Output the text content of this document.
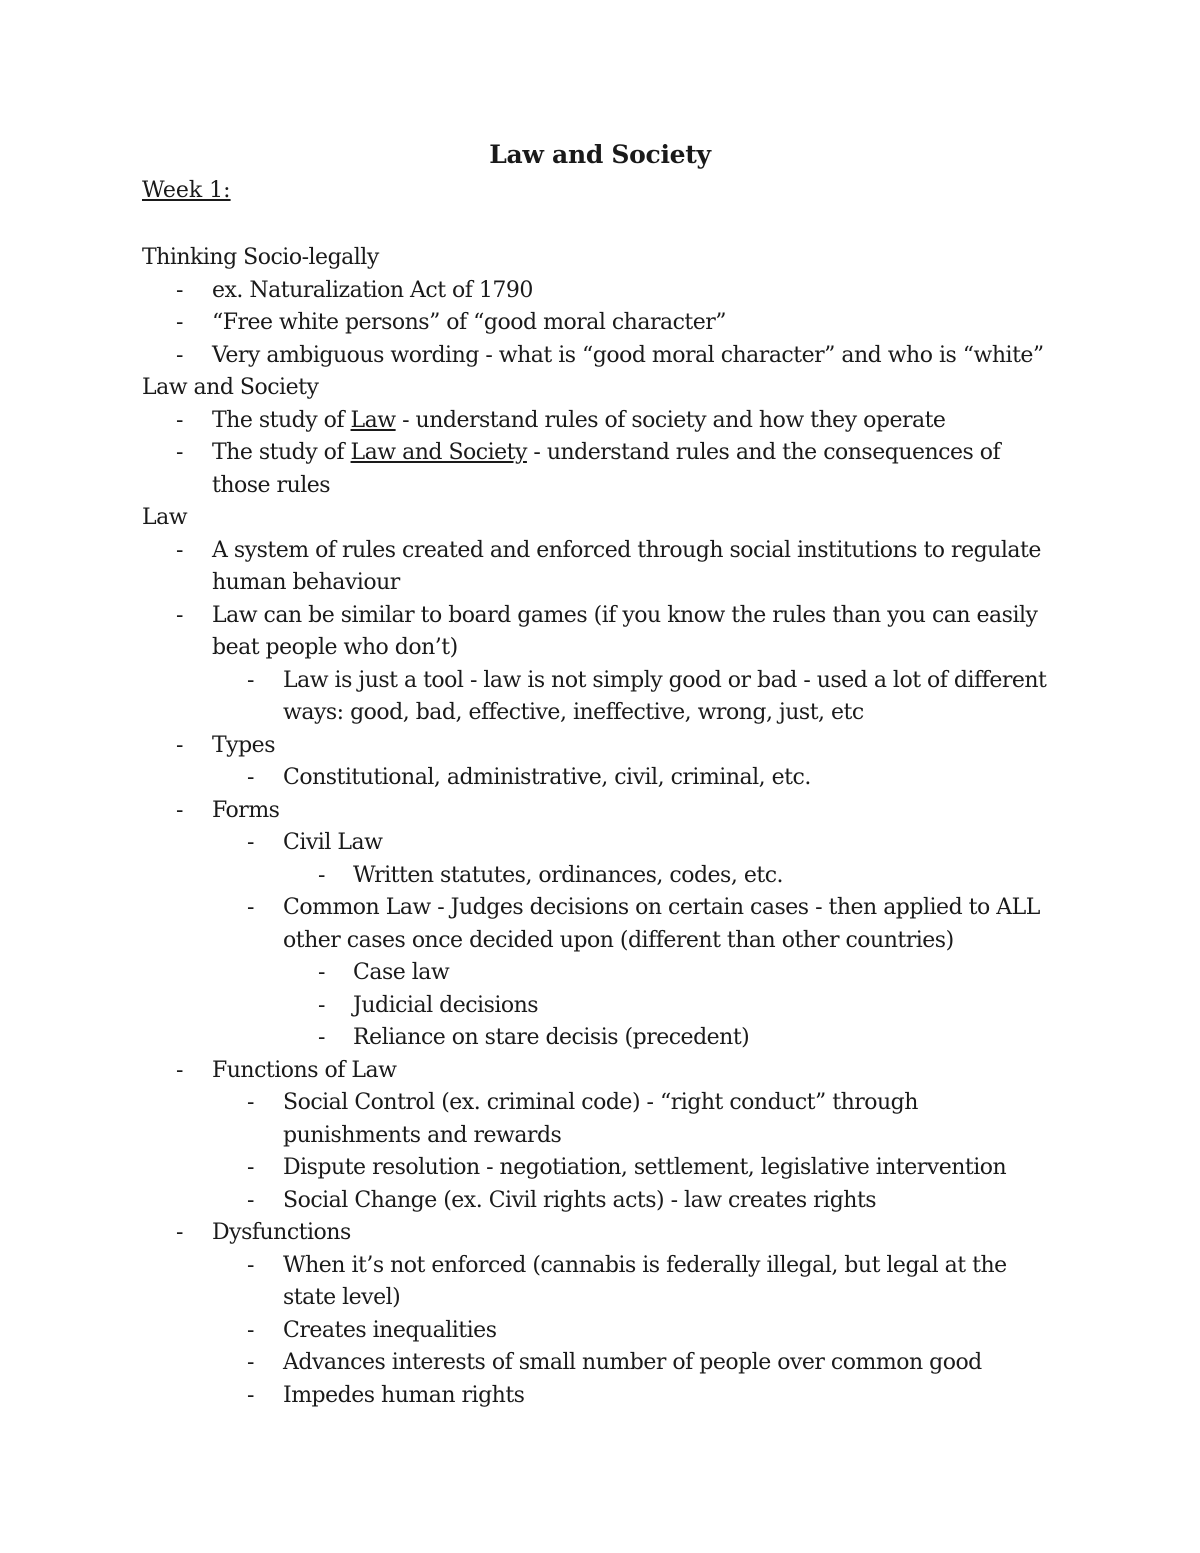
Law and Society
Week 1:
Thinking Socio-legally
- ex. Naturalization Act of 1790
- “Free white persons” of “good moral character”
- Very ambiguous wording - what is “good moral character” and who is “white”
Law and Society
- The study of Law - understand rules of society and how they operate
- The study of Law and Society - understand rules and the consequences of
those rules
Law
- A system of rules created and enforced through social institutions to regulate
human behaviour
- Law can be similar to board games (if you know the rules than you can easily
beat people who don’t)
- Law is just a tool - law is not simply good or bad - used a lot of different
ways: good, bad, effective, ineffective, wrong, just, etc
- Types
- Constitutional, administrative, civil, criminal, etc.
- Forms
- Civil Law
- Written statutes, ordinances, codes, etc.
- Common Law - Judges decisions on certain cases - then applied to ALL
other cases once decided upon (different than other countries)
- Case law
- Judicial decisions
- Reliance on stare decisis (precedent)
- Functions of Law
- Social Control (ex. criminal code) - “right conduct” through
punishments and rewards
- Dispute resolution - negotiation, settlement, legislative intervention
- Social Change (ex. Civil rights acts) - law creates rights
- Dysfunctions
- When it’s not enforced (cannabis is federally illegal, but legal at the
state level)
- Creates inequalities
- Advances interests of small number of people over common good
- Impedes human rights
